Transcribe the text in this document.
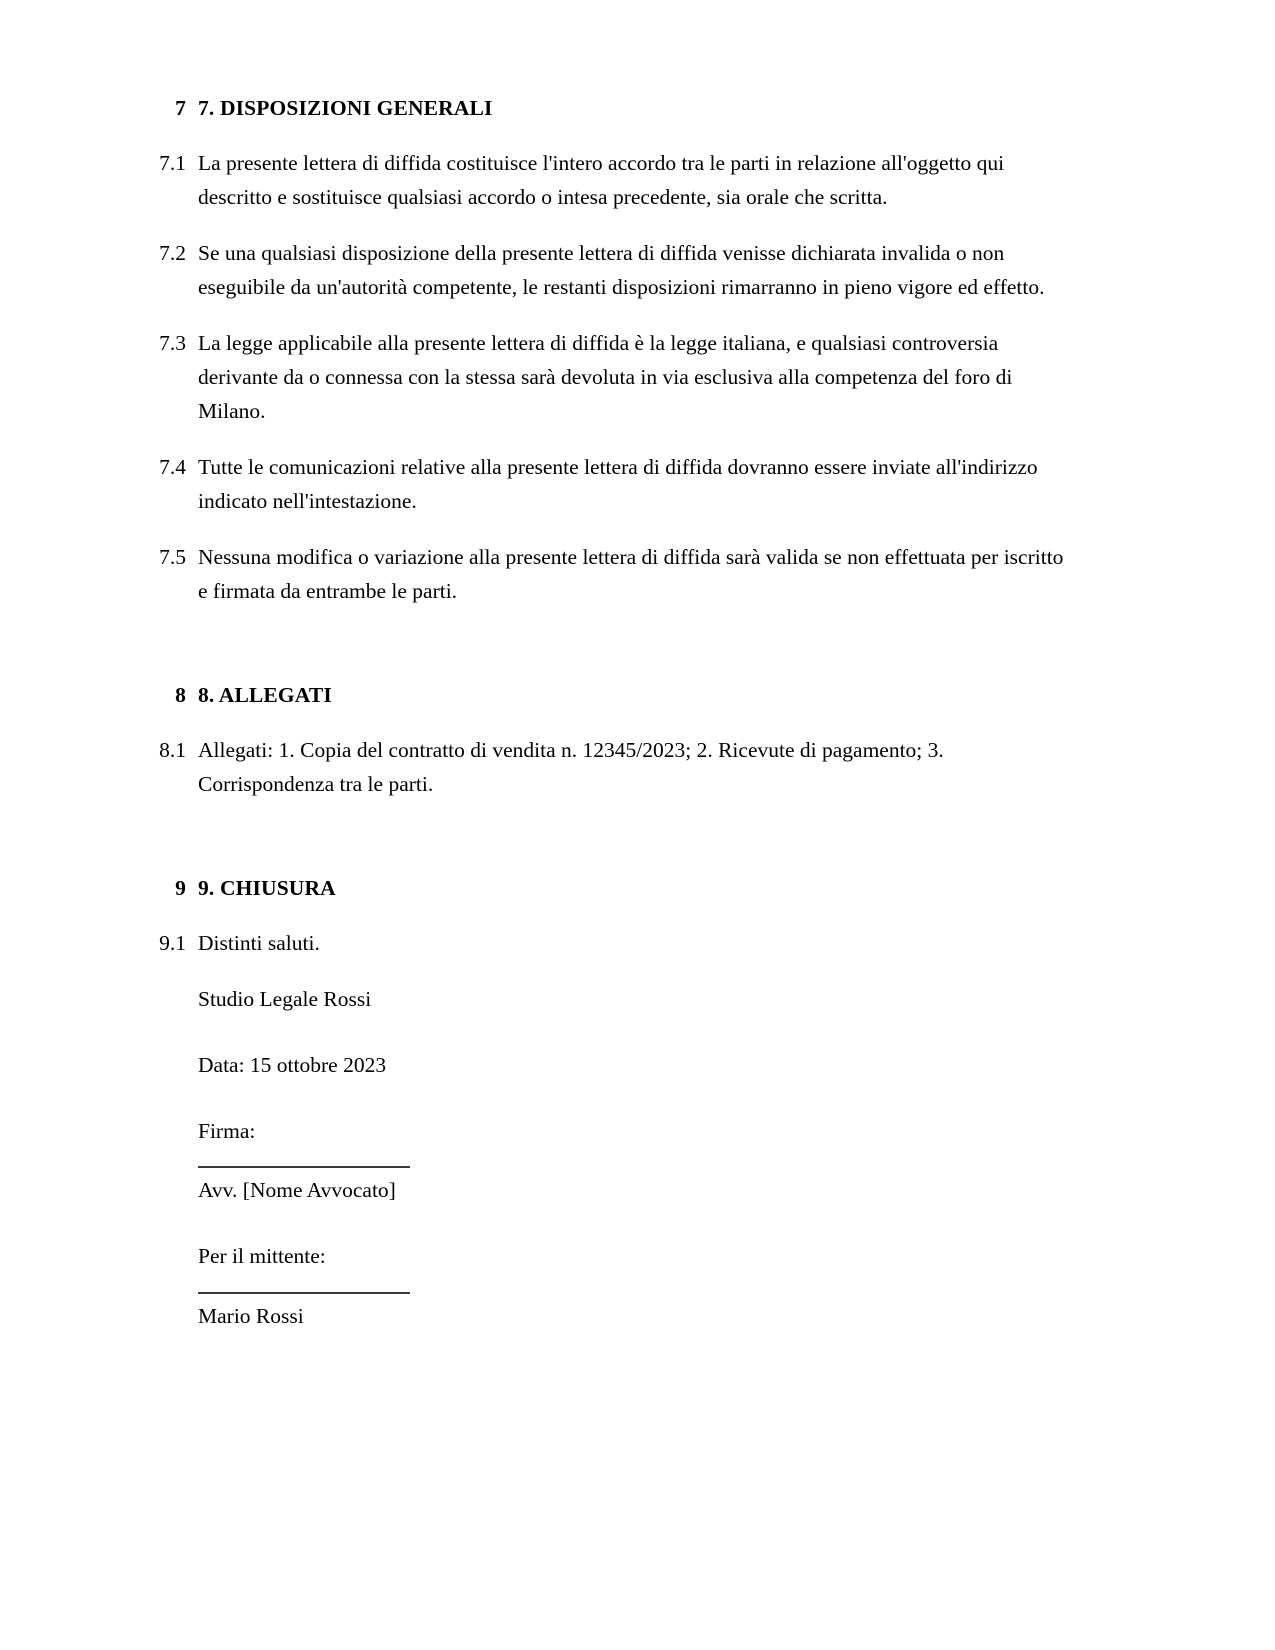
7 7. DISPOSIZIONI GENERALI
7.1 La presente lettera di diffida costituisce l'intero accordo tra le parti in relazione all'oggetto qui descritto e sostituisce qualsiasi accordo o intesa precedente, sia orale che scritta.
7.2 Se una qualsiasi disposizione della presente lettera di diffida venisse dichiarata invalida o non eseguibile da un'autorità competente, le restanti disposizioni rimarranno in pieno vigore ed effetto.
7.3 La legge applicabile alla presente lettera di diffida è la legge italiana, e qualsiasi controversia derivante da o connessa con la stessa sarà devoluta in via esclusiva alla competenza del foro di Milano.
7.4 Tutte le comunicazioni relative alla presente lettera di diffida dovranno essere inviate all'indirizzo indicato nell'intestazione.
7.5 Nessuna modifica o variazione alla presente lettera di diffida sarà valida se non effettuata per iscritto e firmata da entrambe le parti.
8 8. ALLEGATI
8.1 Allegati: 1. Copia del contratto di vendita n. 12345/2023; 2. Ricevute di pagamento; 3. Corrispondenza tra le parti.
9 9. CHIUSURA
9.1 Distinti saluti.
Studio Legale Rossi
Data: 15 ottobre 2023
Firma:
Avv. [Nome Avvocato]
Per il mittente:
Mario Rossi
